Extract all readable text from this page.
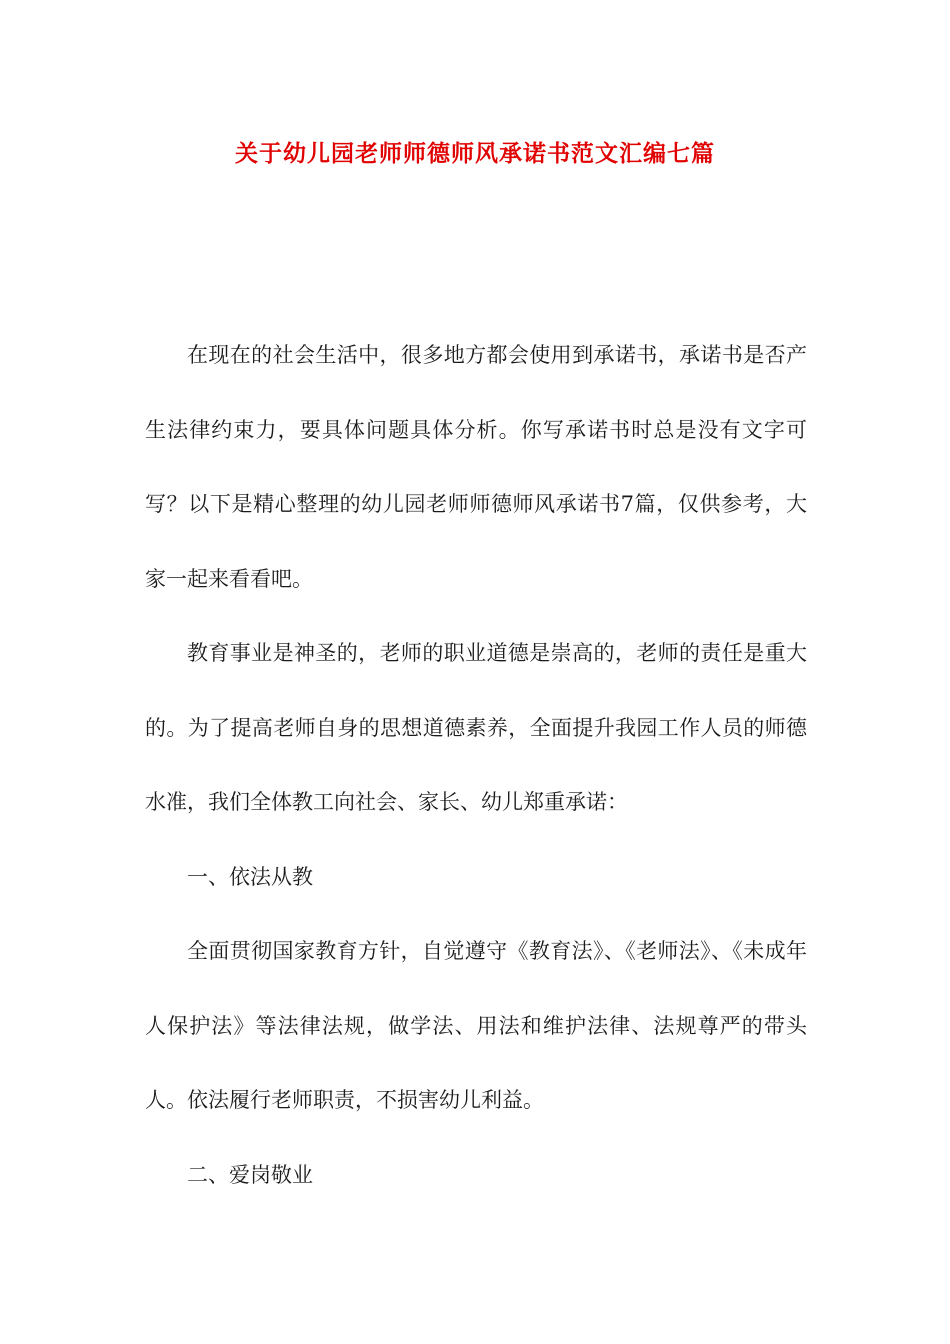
关于幼儿园老师师德师风承诺书范文汇编七篇

在现在的社会生活中，很多地方都会使用到承诺书，承诺书是否产生法律约束力，要具体问题具体分析。你写承诺书时总是没有文字可写？以下是精心整理的幼儿园老师师德师风承诺书7篇，仅供参考，大家一起来看看吧。

教育事业是神圣的，老师的职业道德是崇高的，老师的责任是重大的。为了提高老师自身的思想道德素养，全面提升我园工作人员的师德水准，我们全体教工向社会、家长、幼儿郑重承诺：

一、依法从教

全面贯彻国家教育方针，自觉遵守《教育法》、《老师法》、《未成年人保护法》等法律法规，做学法、用法和维护法律、法规尊严的带头人。依法履行老师职责，不损害幼儿利益。

二、爱岗敬业
